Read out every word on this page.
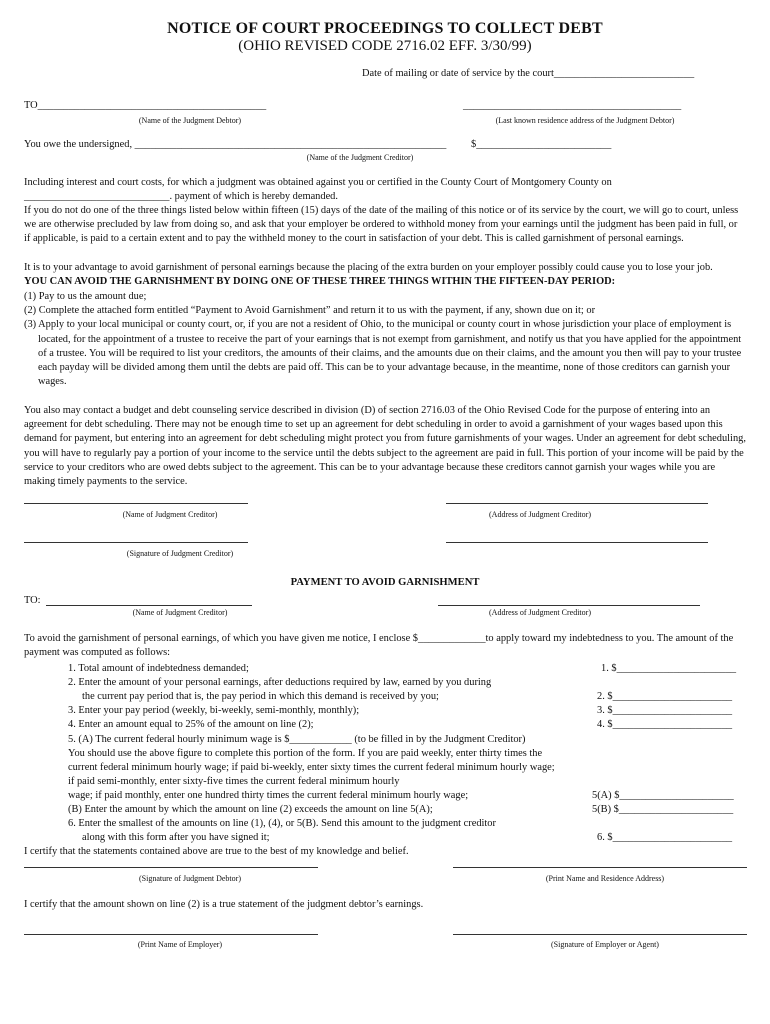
NOTICE OF COURT PROCEEDINGS TO COLLECT DEBT
(OHIO REVISED CODE 2716.02 EFF. 3/30/99)
Date of mailing or date of service by the court___________________________
TO____________________________________________
(Name of the Judgment Debtor)
__________________________________________
(Last known residence address of the Judgment Debtor)
You owe the undersigned, ____________________________________________________________ $__________________________
(Name of the Judgment Creditor)
Including interest and court costs, for which a judgment was obtained against you or certified in the County Court of Montgomery County on ____________________________. payment of which is hereby demanded.
If you do not do one of the three things listed below within fifteen (15) days of the date of the mailing of this notice or of its service by the court, we will go to court, unless we are otherwise precluded by law from doing so, and ask that your employer be ordered to withhold money from your earnings until the judgment has been paid in full, or if applicable, is paid to a certain extent and to pay the withheld money to the court in satisfaction of your debt. This is called garnishment of personal earnings.
It is to your advantage to avoid garnishment of personal earnings because the placing of the extra burden on your employer possibly could cause you to lose your job.
YOU CAN AVOID THE GARNISHMENT BY DOING ONE OF THESE THREE THINGS WITHIN THE FIFTEEN-DAY PERIOD:
(1) Pay to us the amount due;
(2) Complete the attached form entitled “Payment to Avoid Garnishment” and return it to us with the payment, if any, shown due on it; or
(3) Apply to your local municipal or county court, or, if you are not a resident of Ohio, to the municipal or county court in whose jurisdiction your place of employment is located, for the appointment of a trustee to receive the part of your earnings that is not exempt from garnishment, and notify us that you have applied for the appointment of a trustee. You will be required to list your creditors, the amounts of their claims, and the amounts due on their claims, and the amount you then will pay to your trustee each payday will be divided among them until the debts are paid off. This can be to your advantage because, in the meantime, none of those creditors can garnish your wages.
You also may contact a budget and debt counseling service described in division (D) of section 2716.03 of the Ohio Revised Code for the purpose of entering into an agreement for debt scheduling. There may not be enough time to set up an agreement for debt scheduling in order to avoid a garnishment of your wages based upon this demand for payment, but entering into an agreement for debt scheduling might protect you from future garnishments of your wages. Under an agreement for debt scheduling, you will have to regularly pay a portion of your income to the service until the debts subject to the agreement are paid in full. This portion of your income will be paid by the service to your creditors who are owed debts subject to the agreement. This can be to your advantage because these creditors cannot garnish your wages while you are making timely payments to the service.
(Name of Judgment Creditor)	(Address of Judgment Creditor)
(Signature of Judgment Creditor)
PAYMENT TO AVOID GARNISHMENT
TO:
(Name of Judgment Creditor)	(Address of Judgment Creditor)
To avoid the garnishment of personal earnings, of which you have given me notice, I enclose $_____________to apply toward my indebtedness to you. The amount of the payment was computed as follows:
1. Total amount of indebtedness demanded;	1. $_______________________
2. Enter the amount of your personal earnings, after deductions required by law, earned by you during
the current pay period that is, the pay period in which this demand is received by you;	2. $_______________________
3. Enter your pay period (weekly, bi-weekly, semi-monthly, monthly);	3. $_______________________
4. Enter an amount equal to 25% of the amount on line (2);	4. $_______________________
5. (A) The current federal hourly minimum wage is $____________ (to be filled in by the Judgment Creditor)
You should use the above figure to complete this portion of the form. If you are paid weekly, enter thirty times the
current federal minimum hourly wage; if paid bi-weekly, enter sixty times the current federal minimum hourly wage;
if paid semi-monthly, enter sixty-five times the current federal minimum hourly
wage; if paid monthly, enter one hundred thirty times the current federal minimum hourly wage;	5(A) $______________________
(B) Enter the amount by which the amount on line (2) exceeds the amount on line 5(A);	5(B) $______________________
6. Enter the smallest of the amounts on line (1), (4), or 5(B). Send this amount to the judgment creditor
along with this form after you have signed it;	6. $_______________________
I certify that the statements contained above are true to the best of my knowledge and belief.
(Signature of Judgment Debtor)	(Print Name and Residence Address)
I certify that the amount shown on line (2) is a true statement of the judgment debtor’s earnings.
(Print Name of Employer)	(Signature of Employer or Agent)
